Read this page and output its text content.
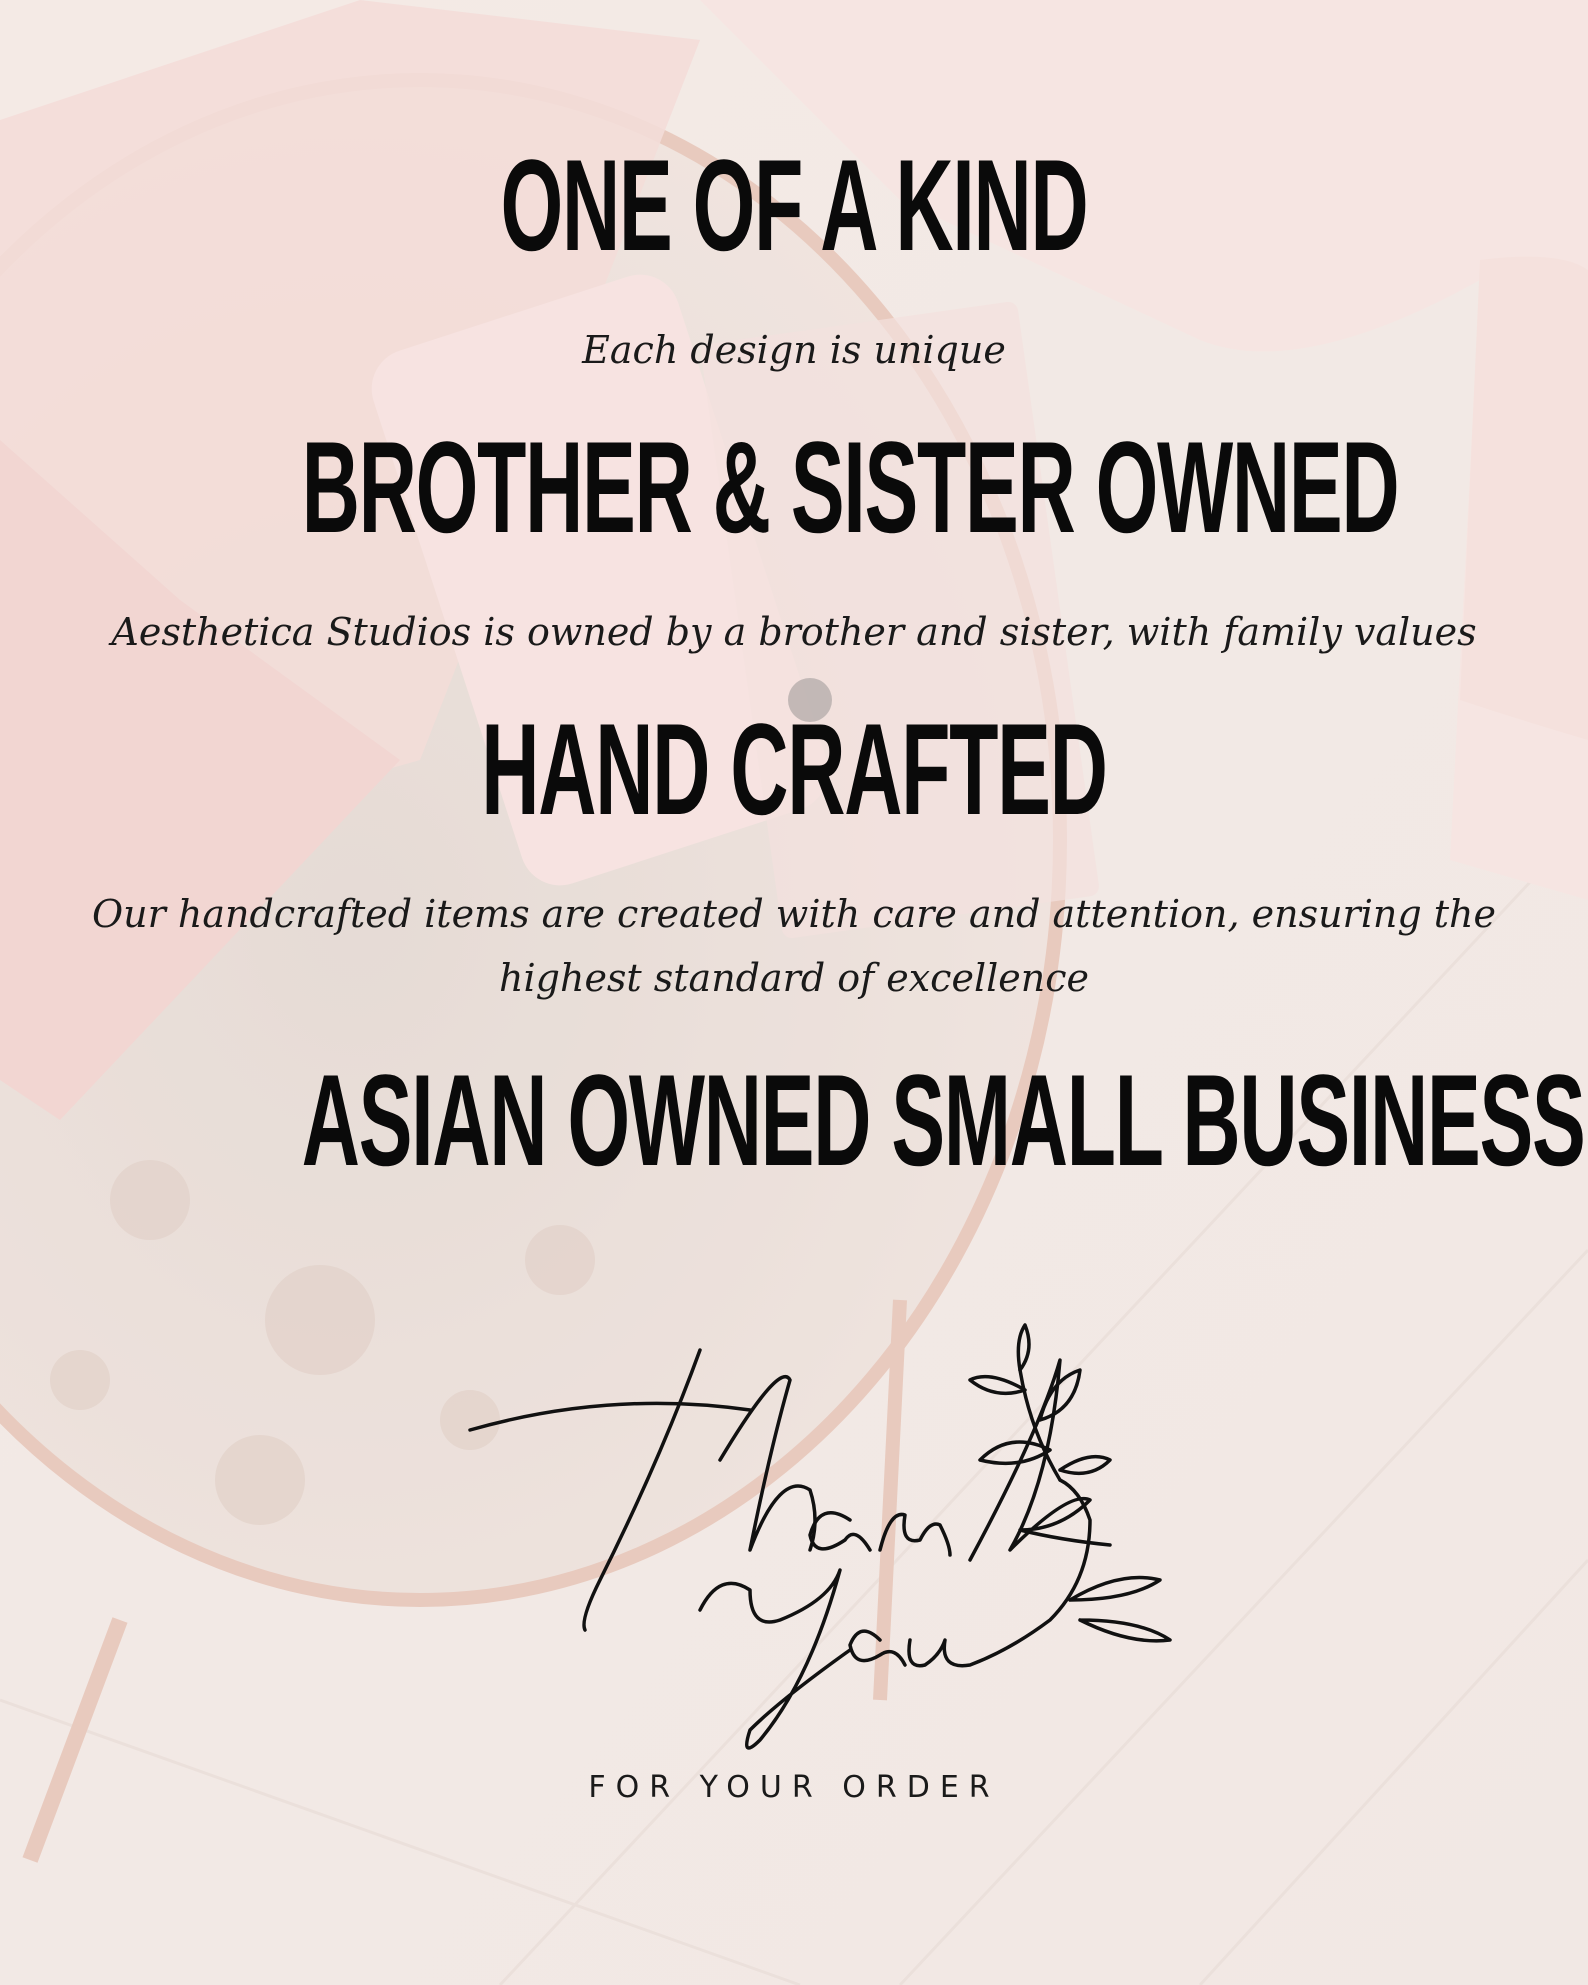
ONE OF A KIND
Each design is unique
BROTHER & SISTER OWNED
Aesthetica Studios is owned by a brother and sister, with family values
HAND CRAFTED
Our handcrafted items are created with care and attention, ensuring the highest standard of excellence
ASIAN OWNED SMALL BUSINESS
FOR YOUR ORDER
